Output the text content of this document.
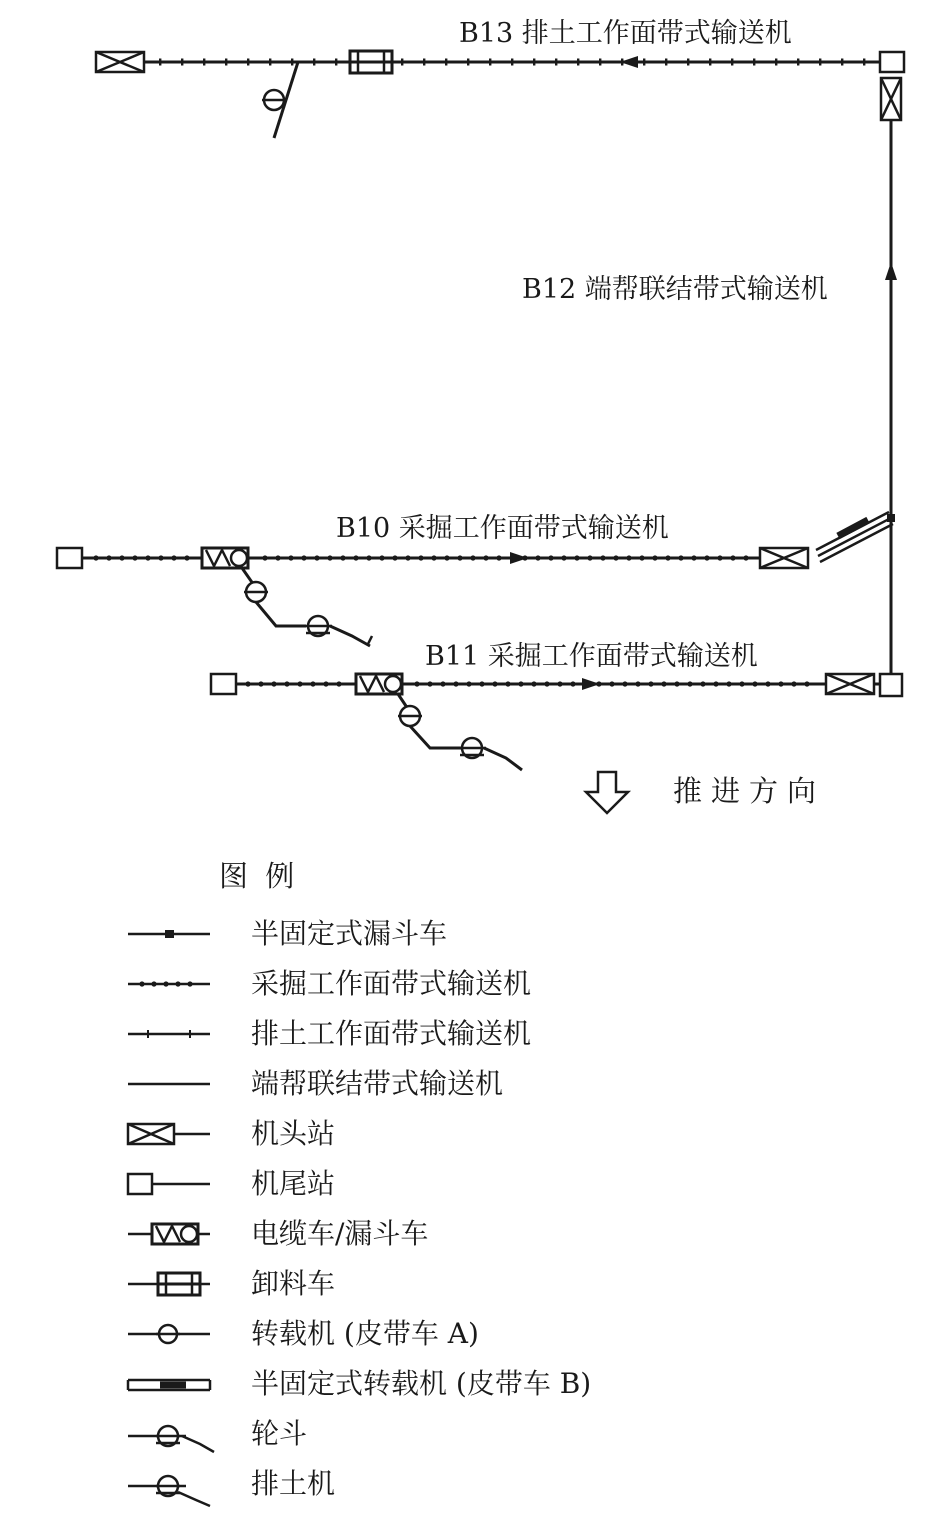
B13 排土工作面带式输送机
B12 端帮联结带式输送机
B10 采掘工作面带式输送机
B11 采掘工作面带式输送机
推进方向
图 例
半固定式漏斗车
采掘工作面带式输送机
排土工作面带式输送机
端帮联结带式输送机
机头站
机尾站
电缆车/漏斗车
卸料车
转载机 (皮带车 A)
半固定式转载机 (皮带车 B)
轮斗
排土机
